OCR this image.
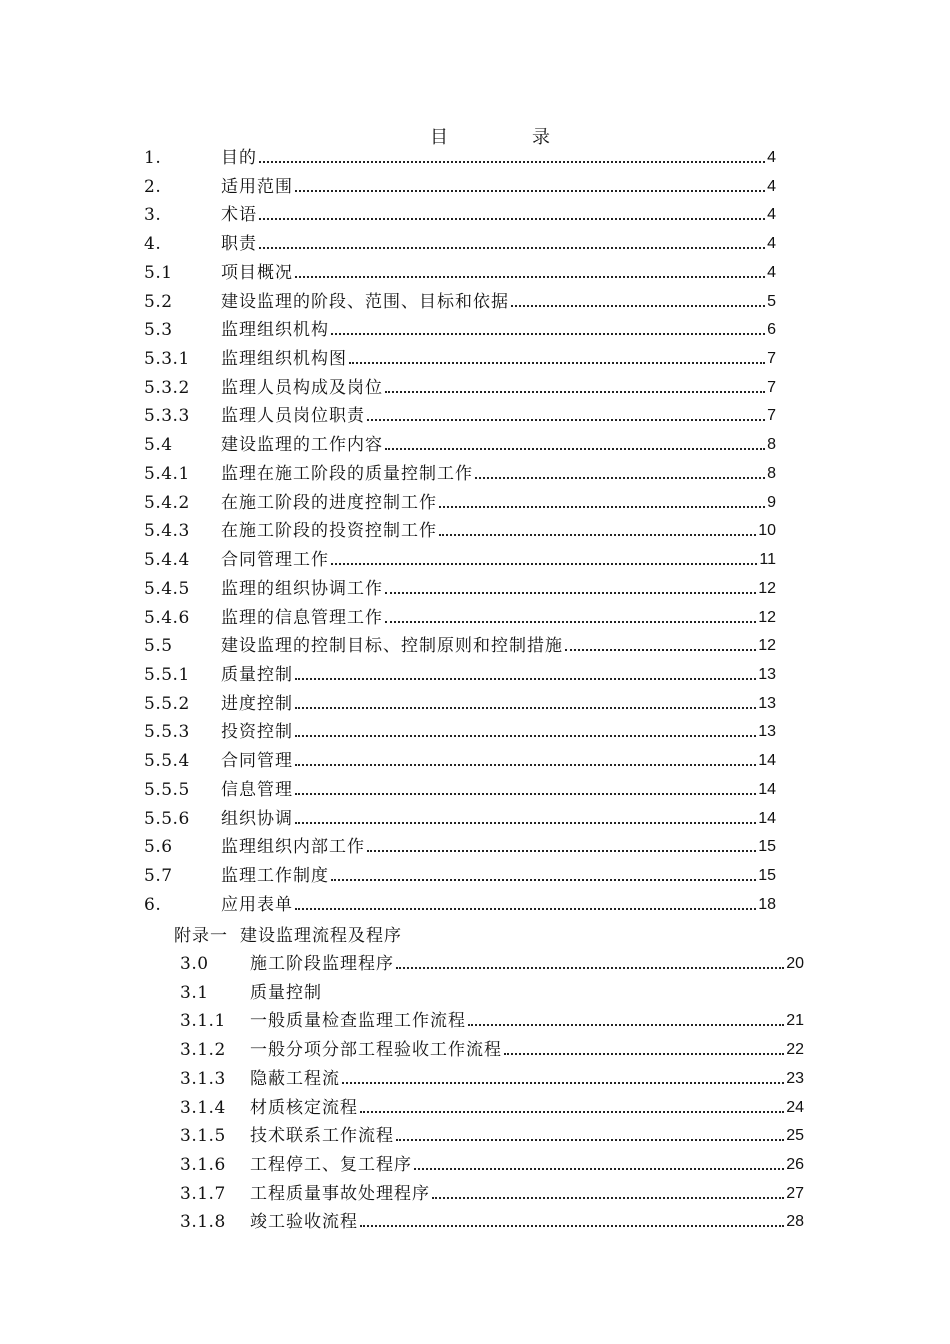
目	录
1.	目的	4
2.	适用范围	4
3.	术语	4
4.	职责	4
5.1	项目概况	4
5.2	建设监理的阶段、范围、目标和依据	5
5.3	监理组织机构	6
5.3.1	监理组织机构图	7
5.3.2	监理人员构成及岗位	7
5.3.3	监理人员岗位职责	7
5.4	建设监理的工作内容	8
5.4.1	监理在施工阶段的质量控制工作	8
5.4.2	在施工阶段的进度控制工作	9
5.4.3	在施工阶段的投资控制工作	10
5.4.4	合同管理工作	11
5.4.5	监理的组织协调工作	12
5.4.6	监理的信息管理工作	12
5.5	建设监理的控制目标、控制原则和控制措施	12
5.5.1	质量控制	13
5.5.2	进度控制	13
5.5.3	投资控制	13
5.5.4	合同管理	14
5.5.5	信息管理	14
5.5.6	组织协调	14
5.6	监理组织内部工作	15
5.7	监理工作制度	15
6.	应用表单	18
附录一 建设监理流程及程序
3.0	施工阶段监理程序	20
3.1	质量控制
3.1.1	一般质量检查监理工作流程	21
3.1.2	一般分项分部工程验收工作流程	22
3.1.3	隐蔽工程流	23
3.1.4	材质核定流程	24
3.1.5	技术联系工作流程	25
3.1.6	工程停工、复工程序	26
3.1.7	工程质量事故处理程序	27
3.1.8	竣工验收流程	28
